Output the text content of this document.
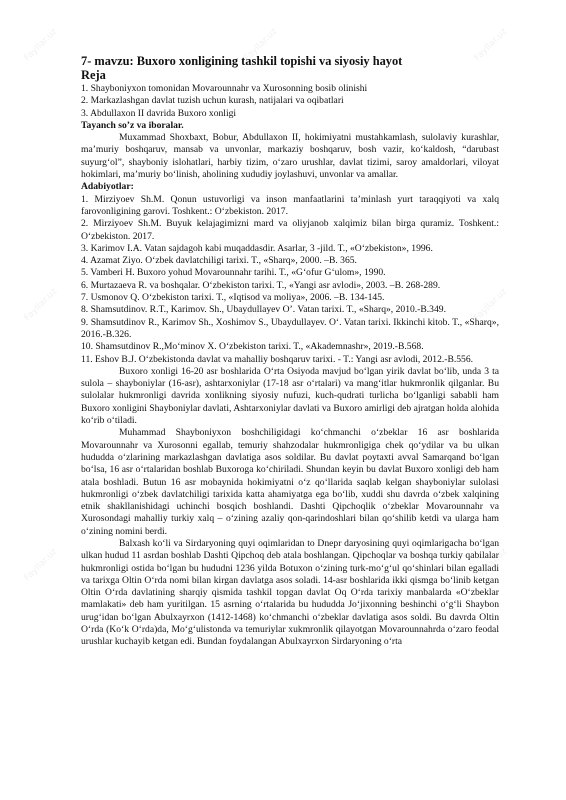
7- mavzu: Buxoro xonligining tashkil topishi va siyosiy hayot

Reja

1. Shayboniyxon tomonidan Movarounnahr va Xurosonning bosib olinishi

2. Markazlashgan davlat tuzish uchun kurash, natijalari va oqibatlari

3. Abdullaxon II davrida Buxoro xonligi

Tayanch so’z va iboralar.

Muxammad Shoxbaxt, Bobur, Abdullaxon II, hokimiyatni mustahkamlash, sulolaviy kurashlar, ma’muriy boshqaruv, mansab va unvonlar, markaziy boshqaruv, bosh vazir, ko‘kaldosh, “darubast suyurg‘ol”, shayboniy islohatlari, harbiy tizim, o‘zaro urushlar, davlat tizimi, saroy amaldorlari, viloyat hokimlari, ma’muriy bo‘linish, aholining xududiy joylashuvi, unvonlar va amallar.

Adabiyotlar:

1. Mirziyoev Sh.M. Qonun ustuvorligi va inson manfaatlarini ta’minlash yurt taraqqiyoti va xalq farovonligining garovi. Toshkent.: O‘zbekiston. 2017.

2. Mirziyoev Sh.M. Buyuk kelajagimizni mard va oliyjanob xalqimiz bilan birga quramiz. Toshkent.: O‘zbekiston. 2017.

3. Karimov I.A. Vatan sajdagoh kabi muqaddasdir. Asarlar, 3 -jild. T., «O‘zbekiston», 1996.

4. Azamat Ziyo. O‘zbek davlatchiligi tarixi. T., «Sharq», 2000. –B. 365.

5. Vamberi H. Buxoro yohud Movarounnahr tarihi. T., «G‘ofur G‘ulom», 1990.

6. Murtazaeva R. va boshqalar. O‘zbekiston tarixi. T., «Yangi asr avlodi», 2003. –B. 268-289.

7. Usmonov Q. O‘zbekiston tarixi. T., «Iqtisod va moliya», 2006. –B. 134-145.

8. Shamsutdinov. R.T., Karimov. Sh., Ubaydullayev O’. Vatan tarixi. T., «Sharq», 2010.-B.349.

9. Shamsutdinov R., Karimov Sh., Xoshimov S., Ubaydullayev. O‘. Vatan tarixi. Ikkinchi kitob. T., «Sharq», 2016.-B.326.

10. Shamsutdinov R.,Mo‘minov X. O‘zbekiston tarixi. T., «Akademnashr», 2019.-B.568.

11. Eshov B.J. O‘zbekistonda davlat va mahalliy boshqaruv tarixi. - T.: Yangi asr avlodi, 2012.-B.556.

Buxoro xonligi 16-20 asr boshlarida O‘rta Osiyoda mavjud bo‘lgan yirik davlat bo‘lib, unda 3 ta sulola – shayboniylar (16-asr), ashtarxoniylar (17-18 asr o‘rtalari) va mang‘itlar hukmronlik qilganlar. Bu sulolalar hukmronligi davrida xonlikning siyosiy nufuzi, kuch-qudrati turlicha bo‘lganligi sababli ham Buxoro xonligini Shayboniylar davlati, Ashtarxoniylar davlati va Buxoro amirligi deb ajratgan holda alohida ko‘rib o‘tiladi.

Muhammad Shayboniyxon boshchiligidagi ko‘chmanchi o‘zbeklar 16 asr boshlarida Movarounnahr va Xurosonni egallab, temuriy shahzodalar hukmronligiga chek qo‘ydilar va bu ulkan hududda o‘zlarining markazlashgan davlatiga asos soldilar. Bu davlat poytaxti avval Samarqand bo‘lgan bo‘lsa, 16 asr o‘rtalaridan boshlab Buxoroga ko‘chiriladi. Shundan keyin bu davlat Buxoro xonligi deb ham atala boshladi. Butun 16 asr mobaynida hokimiyatni o‘z qo‘llarida saqlab kelgan shayboniylar sulolasi hukmronligi o‘zbek davlatchiligi tarixida katta ahamiyatga ega bo‘lib, xuddi shu davrda o‘zbek xalqining etnik shakllanishidagi uchinchi bosqich boshlandi. Dashti Qipchoqlik o‘zbeklar Movarounnahr va Xurosondagi mahalliy turkiy xalq – o‘zining azaliy qon-qarindoshlari bilan qo‘shilib ketdi va ularga ham o‘zining nomini berdi.

Balxash ko‘li va Sirdaryoning quyi oqimlaridan to Dnepr daryosining quyi oqimlarigacha bo‘lgan ulkan hudud 11 asrdan boshlab Dashti Qipchoq deb atala boshlangan. Qipchoqlar va boshqa turkiy qabilalar hukmronligi ostida bo‘lgan bu hududni 1236 yilda Botuxon o‘zining turk-mo‘g‘ul qo‘shinlari bilan egalladi va tarixga Oltin O‘rda nomi bilan kirgan davlatga asos soladi. 14-asr boshlarida ikki qismga bo‘linib ketgan Oltin O‘rda davlatining sharqiy qismida tashkil topgan davlat Oq O‘rda tarixiy manbalarda «O‘zbeklar mamlakati» deb ham yuritilgan. 15 asrning o‘rtalarida bu hududda Jo‘jixonning beshinchi o‘g‘li Shaybon urug‘idan bo‘lgan Abulxayrxon (1412-1468) ko‘chmanchi o‘zbeklar davlatiga asos soldi. Bu davrda Oltin O‘rda (Ko‘k O‘rda)da, Mo‘g‘ulistonda va temuriylar xukmronlik qilayotgan Movarounnahrda o‘zaro feodal urushlar kuchayib ketgan edi. Bundan foydalangan Abulxayrxon Sirdaryoning o‘rta

Fayllar.uz	Fayllar.uz	Fayllar.uz
Fayllar.uz	Fayllar.uz	Fayllar.uz
Fayllar.uz	Fayllar.uz	Fayllar.uz
